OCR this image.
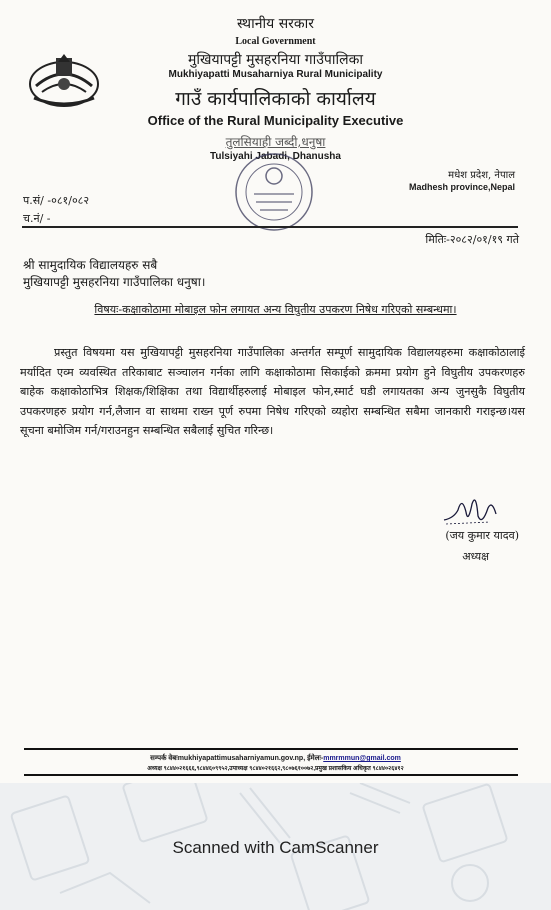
स्थानीय सरकार
Local Government
मुखियापट्टी मुसहरनिया गाउँपालिका
Mukhiyapatti Musaharniya Rural Municipality
गाउँ कार्यपालिकाको कार्यालय
Office of the Rural Municipality Executive
तुलसियाही जब्दी,धनुषा
Tulsiyahi Jabadi, Dhanusha
मधेश प्रदेश, नेपाल
Madhesh province,Nepal
प.सं/ -०८१/०८२
च.नं/ -
मितिः-२०८२/०१/१९ गते
श्री सामुदायिक विद्यालयहरु सबै
मुखियापट्टी मुसहरनिया गाउँपालिका धनुषा।
विषयः-कक्षाकोठामा मोबाइल फोन लगायत अन्य विघुतीय उपकरण निषेध गरिएको सम्बन्धमा।
प्रस्तुत विषयमा यस मुखियापट्टी मुसहरनिया गाउँपालिका अन्तर्गत सम्पूर्ण सामुदायिक विद्यालयहरुमा कक्षाकोठालाई मर्यादित एव्म व्यवस्थित तरिकाबाट सञ्चालन गर्नका लागि कक्षाकोठामा सिकाईको क्रममा प्रयोग हुने विघुतीय उपकरणहरु बाहेक कक्षाकोठाभित्र शिक्षक/शिक्षिका तथा विद्यार्थीहरुलाई मोबाइल फोन,स्मार्ट घडी लगायतका अन्य जुनसुकै विघुतीय उपकरणहरु प्रयोग गर्न,लैजान वा साथमा राख्न पूर्ण रुपमा निषेध गरिएको व्यहोरा सम्बन्धित सबैमा जानकारी गराइन्छ।यस सूचना बमोजिम गर्न/गराउनहुन सम्बन्धित सबैलाई सुचित गरिन्छ।
(जय कुमार यादव)
अध्यक्ष
सम्पर्क वेबःmukhiyapattimusaharniyamun.gov.np, ईमेलः-mmrmmun@gmail.com
अध्यक्ष ९८४४०२१६६६,९८४४६०९९५२,उपाध्यक्ष ९८४४०२१६६२,९८०७६१००७२,प्रमुख प्रशासकिय अधिकृत ९८४४०२६४१२
Scanned with CamScanner
